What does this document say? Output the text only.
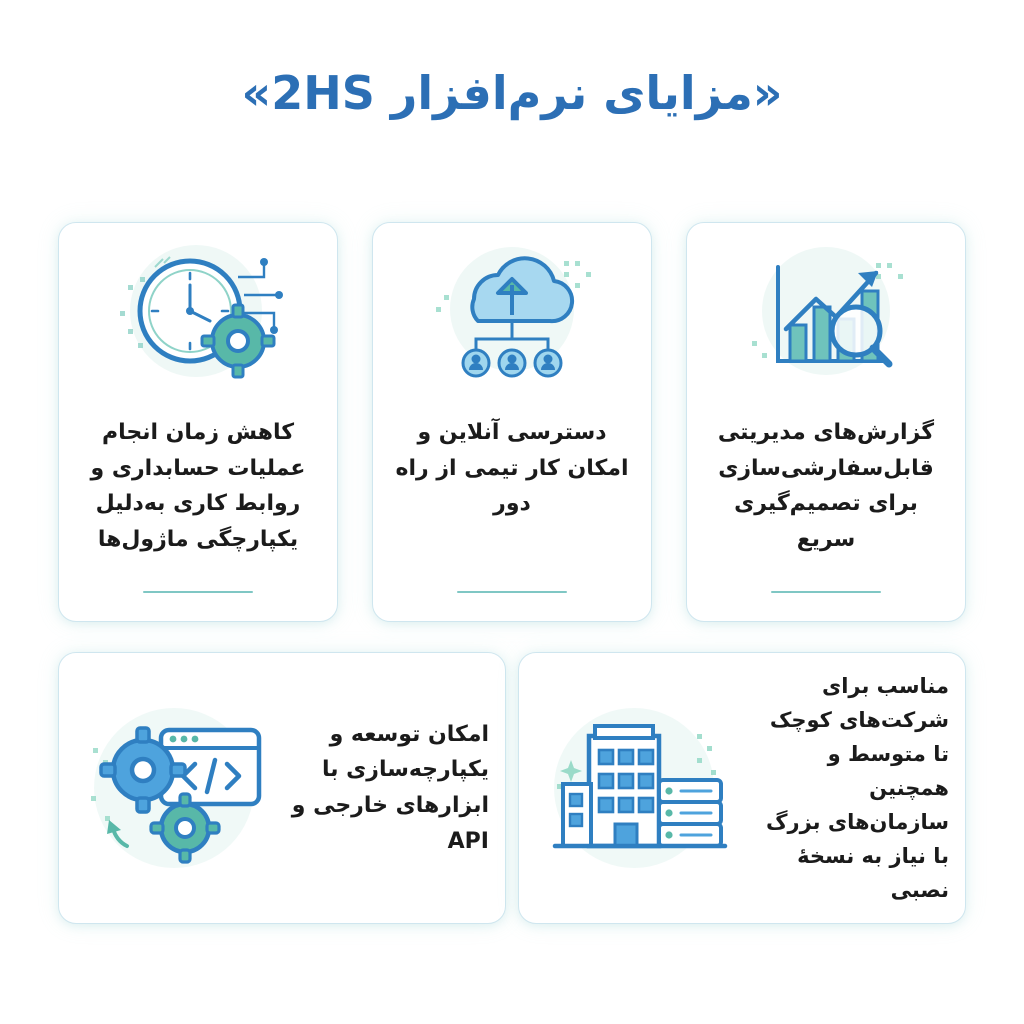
«مزایای نرم‌افزار 2HS»
کاهش زمان انجام عملیات حسابداری و روابط کاری به‌دلیل یکپارچگی ماژول‌ها
دسترسی آنلاین و امکان کار تیمی از راه دور
گزارش‌های مدیریتی قابل‌سفارشی‌سازی برای تصمیم‌گیری سریع
امکان توسعه و یکپارچه‌سازی با ابزارهای خارجی و API
مناسب برای شرکت‌های کوچک تا متوسط و همچنین سازمان‌های بزرگ با نیاز به نسخهٔ نصبی
